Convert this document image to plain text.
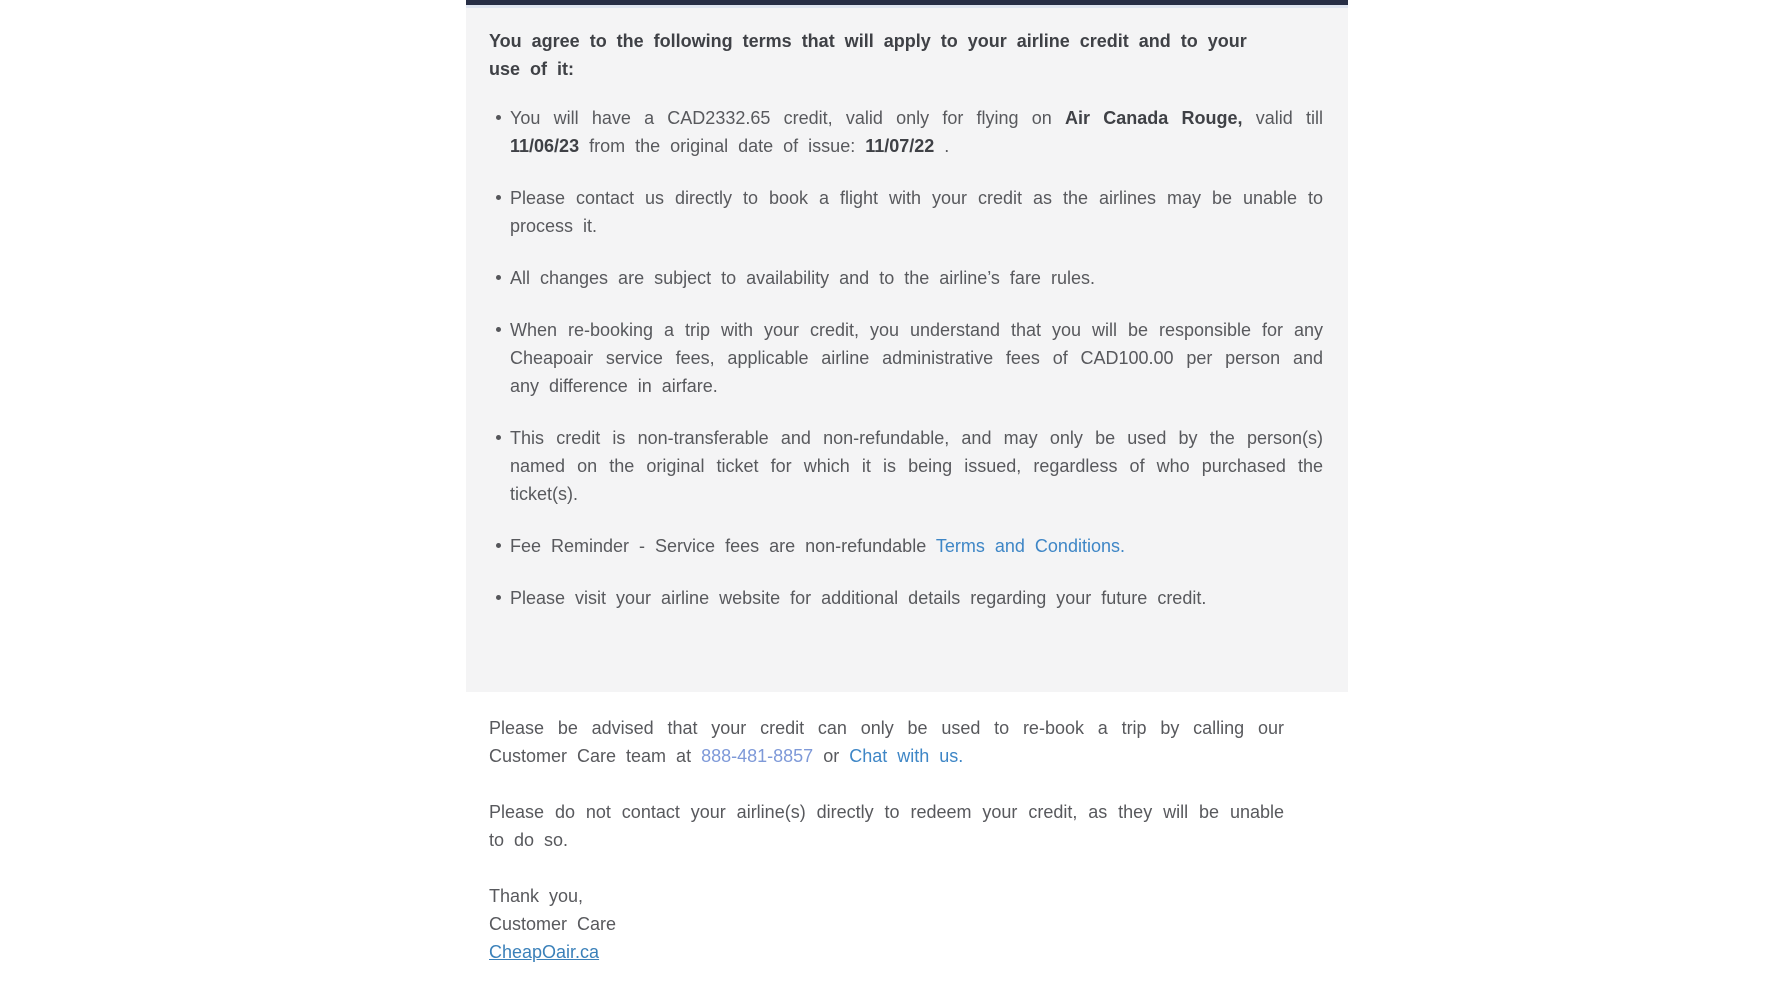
You agree to the following terms that will apply to your airline credit and to your use of it:

You will have a CAD2332.65 credit, valid only for flying on Air Canada Rouge, valid till 11/06/23 from the original date of issue: 11/07/22 .
Please contact us directly to book a flight with your credit as the airlines may be unable to process it.
All changes are subject to availability and to the airline’s fare rules.
When re-booking a trip with your credit, you understand that you will be responsible for any Cheapoair service fees, applicable airline administrative fees of CAD100.00 per person and any difference in airfare.
This credit is non-transferable and non-refundable, and may only be used by the person(s) named on the original ticket for which it is being issued, regardless of who purchased the ticket(s).
Fee Reminder - Service fees are non-refundable Terms and Conditions.
Please visit your airline website for additional details regarding your future credit.

Please be advised that your credit can only be used to re-book a trip by calling our Customer Care team at 888-481-8857 or Chat with us.

Please do not contact your airline(s) directly to redeem your credit, as they will be unable to do so.

Thank you,
Customer Care
CheapOair.ca
